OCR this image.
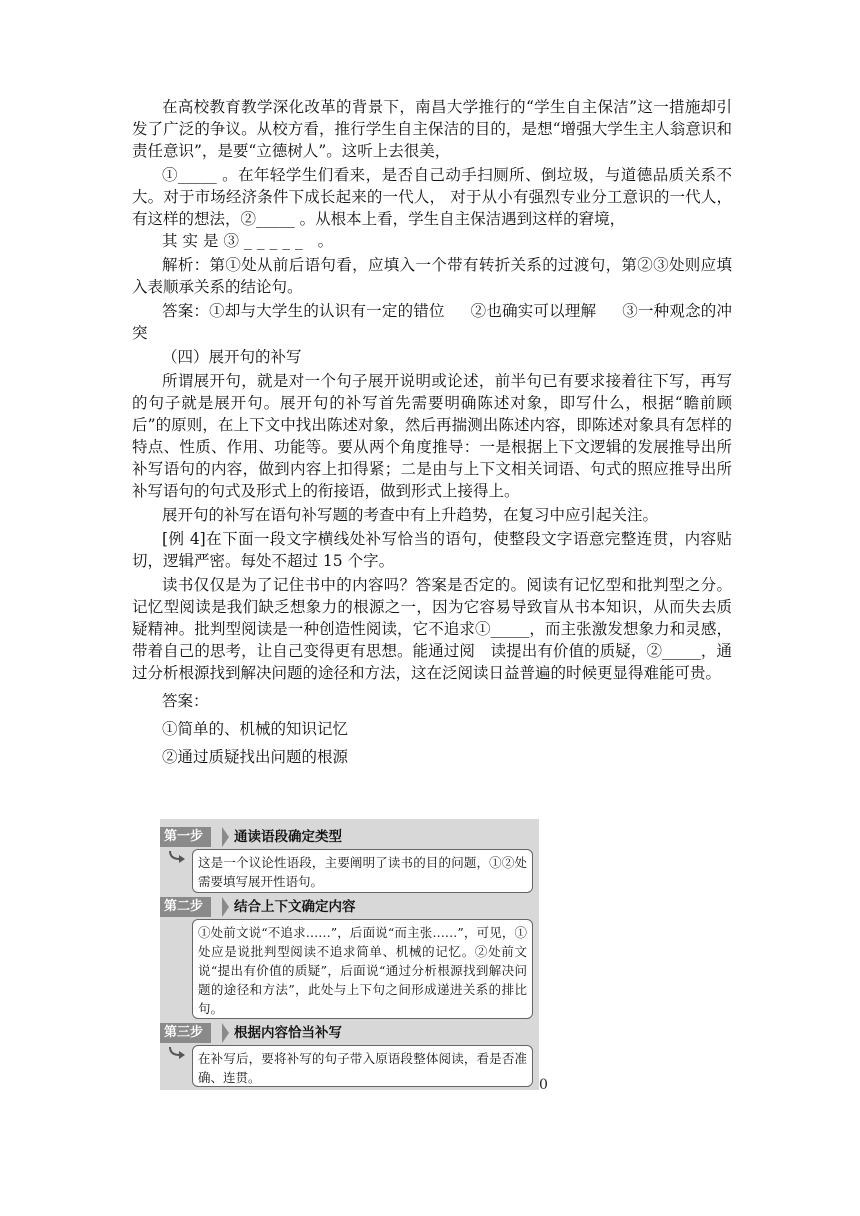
在高校教育教学深化改革的背景下，南昌大学推行的“学生自主保洁”这一措施却引发了广泛的争议。从校方看，推行学生自主保洁的目的，是想“增强大学生主人翁意识和责任意识”，是要“立德树人”。这听上去很美，

①_____ 。在年轻学生们看来，是否自己动手扫厕所、倒垃圾，与道德品质关系不大。对于市场经济条件下成长起来的一代人， 对于从小有强烈专业分工意识的一代人， 有这样的想法，②_____ 。从根本上看，学生自主保洁遇到这样的窘境，
其实是③_____ 。

解析：第①处从前后语句看，应填入一个带有转折关系的过渡句，第②③处则应填入表顺承关系的结论句。

答案：①却与大学生的认识有一定的错位 　 ②也确实可以理解 　 ③一种观念的冲突

（四）展开句的补写

所谓展开句，就是对一个句子展开说明或论述，前半句已有要求接着往下写，再写的句子就是展开句。展开句的补写首先需要明确陈述对象，即写什么，根据“瞻前顾后”的原则，在上下文中找出陈述对象，然后再揣测出陈述内容，即陈述对象具有怎样的特点、性质、作用、功能等。要从两个角度推导：一是根据上下文逻辑的发展推导出所补写语句的内容，做到内容上扣得紧；二是由与上下文相关词语、句式的照应推导出所补写语句的句式及形式上的衔接语，做到形式上接得上。

展开句的补写在语句补写题的考查中有上升趋势，在复习中应引起关注。

[例 4]在下面一段文字横线处补写恰当的语句，使整段文字语意完整连贯，内容贴切，逻辑严密。每处不超过 15 个字。

读书仅仅是为了记住书中的内容吗？答案是否定的。阅读有记忆型和批判型之分。记忆型阅读是我们缺乏想象力的根源之一，因为它容易导致盲从书本知识，从而失去质疑精神。批判型阅读是一种创造性阅读，它不追求①_____，而主张激发想象力和灵感，带着自己的思考，让自己变得更有思想。能通过阅　读提出有价值的质疑，②_____，通过分析根源找到解决问题的途径和方法，这在泛阅读日益普遍的时候更显得难能可贵。

答案：

①简单的、机械的知识记忆

②通过质疑找出问题的根源

第一步	通读语段确定类型
这是一个议论性语段，主要阐明了读书的目的问题，①②处需要填写展开性语句。
第二步	结合上下文确定内容
①处前文说“不追求……”，后面说“而主张……”，可见，①处应是说批判型阅读不追求简单、机械的记忆。②处前文说“提出有价值的质疑”，后面说“通过分析根源找到解决问题的途径和方法”，此处与上下句之间形成递进关系的排比句。
第三步	根据内容恰当补写
在补写后，要将补写的句子带入原语段整体阅读，看是否准确、连贯。	0
